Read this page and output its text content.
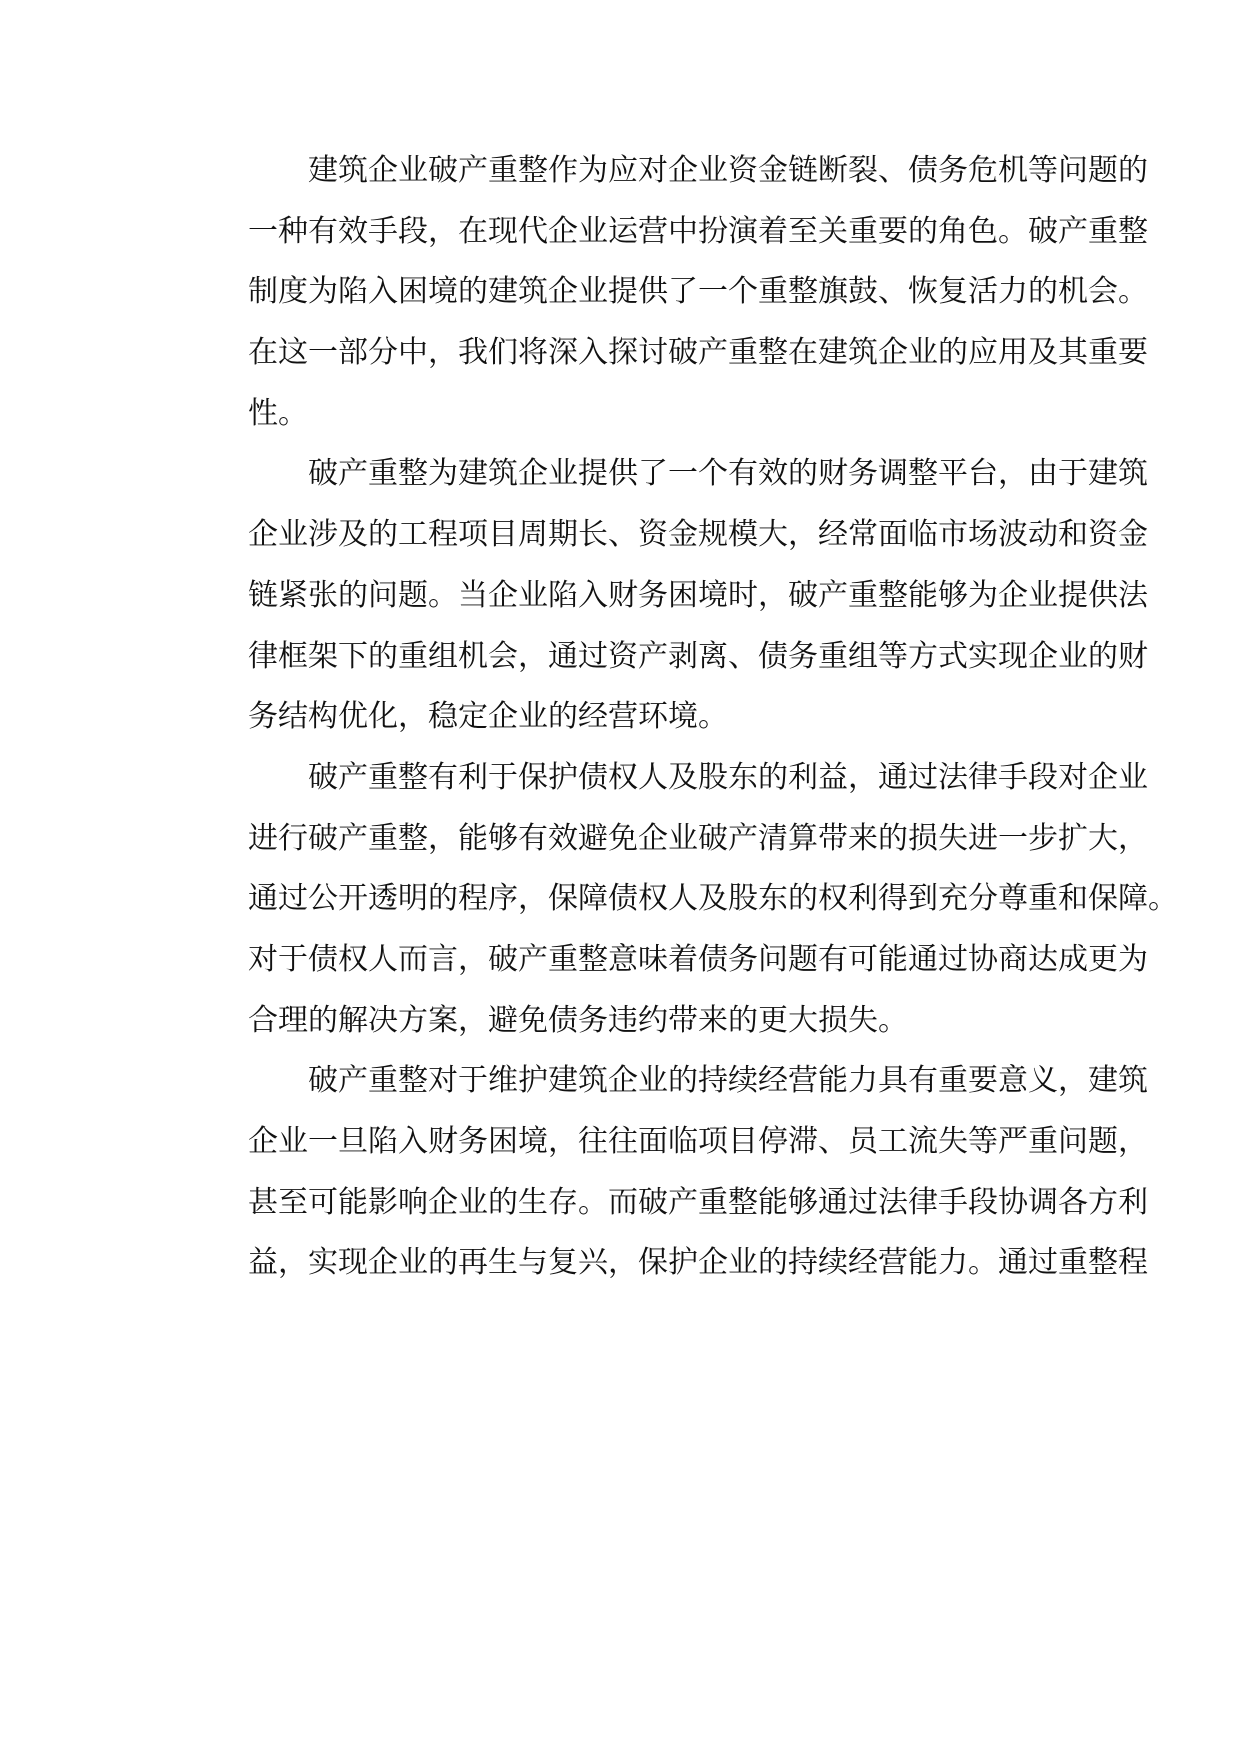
建筑企业破产重整作为应对企业资金链断裂、债务危机等问题的
一种有效手段，在现代企业运营中扮演着至关重要的角色。破产重整
制度为陷入困境的建筑企业提供了一个重整旗鼓、恢复活力的机会。
在这一部分中，我们将深入探讨破产重整在建筑企业的应用及其重要
性。
破产重整为建筑企业提供了一个有效的财务调整平台，由于建筑
企业涉及的工程项目周期长、资金规模大，经常面临市场波动和资金
链紧张的问题。当企业陷入财务困境时，破产重整能够为企业提供法
律框架下的重组机会，通过资产剥离、债务重组等方式实现企业的财
务结构优化，稳定企业的经营环境。
破产重整有利于保护债权人及股东的利益，通过法律手段对企业
进行破产重整，能够有效避免企业破产清算带来的损失进一步扩大，
通过公开透明的程序，保障债权人及股东的权利得到充分尊重和保障。
对于债权人而言，破产重整意味着债务问题有可能通过协商达成更为
合理的解决方案，避免债务违约带来的更大损失。
破产重整对于维护建筑企业的持续经营能力具有重要意义，建筑
企业一旦陷入财务困境，往往面临项目停滞、员工流失等严重问题，
甚至可能影响企业的生存。而破产重整能够通过法律手段协调各方利
益，实现企业的再生与复兴，保护企业的持续经营能力。通过重整程
